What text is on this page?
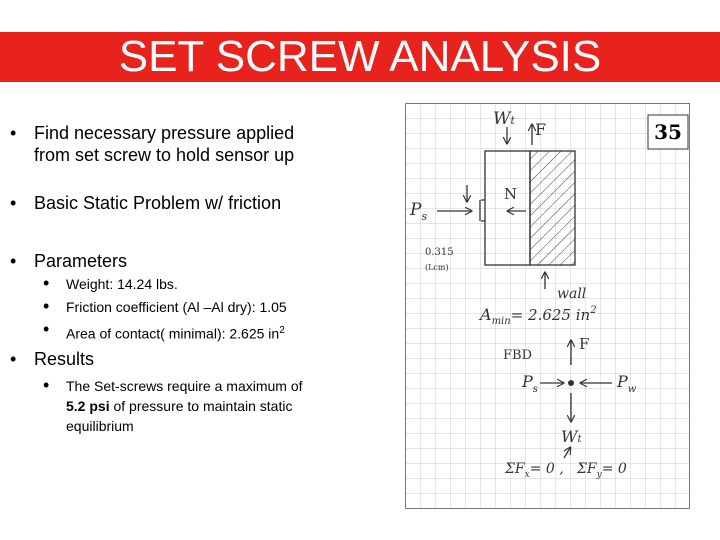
SET SCREW ANALYSIS
• Find necessary pressure applied
from set screw to hold sensor up
• Basic Static Problem w/ friction
• Parameters
• Weight: 14.24 lbs.
• Friction coefficient (Al –Al dry): 1.05
• Area of contact( minimal): 2.625 $in^2$
• Results
• The Set-screws require a maximum of
5.2 psi of pressure to maintain static
equilibrium
35
Wt F
N
$P_s$
0.315
(Lcm)
wall
$A_{min}= 2.625$ $in^2$
FBD
F
$P_s$	$P_w$
Wt
$\Sigma F_x= 0$ , $\Sigma F_y= 0$
